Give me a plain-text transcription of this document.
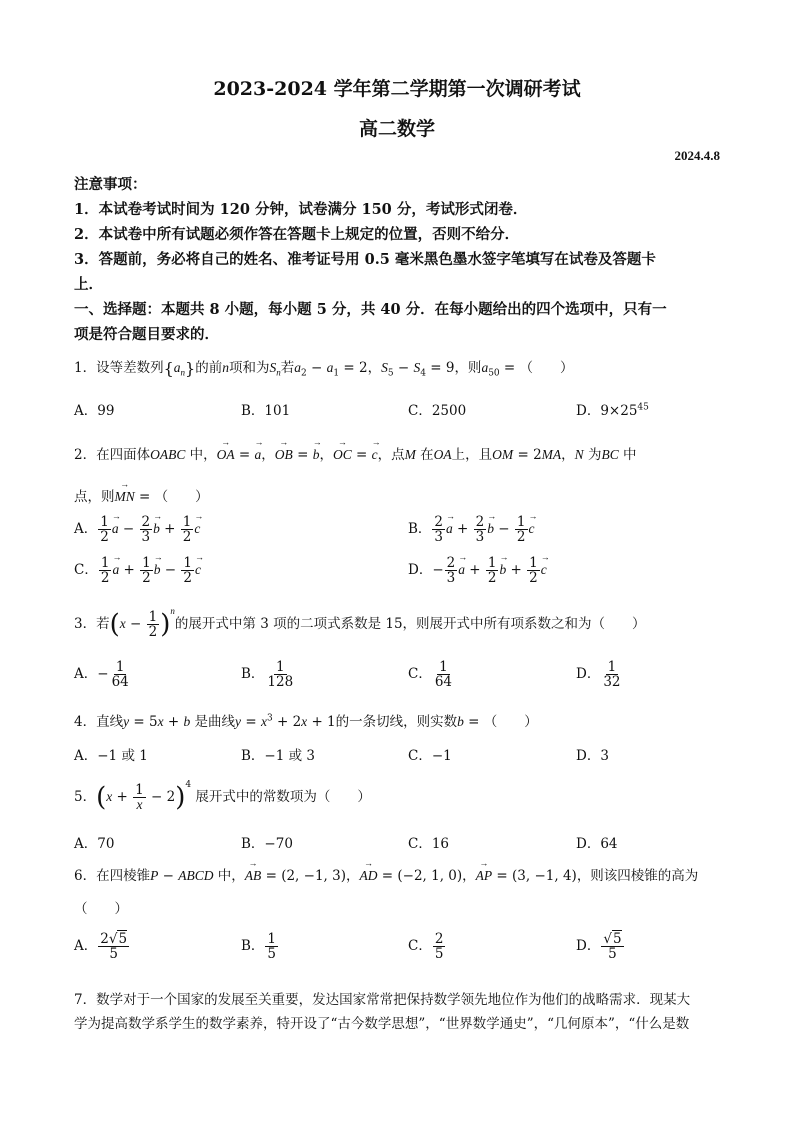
2023-2024 学年第二学期第一次调研考试
高二数学
2024.4.8
注意事项：
1．本试卷考试时间为 120 分钟，试卷满分 150 分，考试形式闭卷．
2．本试卷中所有试题必须作答在答题卡上规定的位置，否则不给分．
3．答题前，务必将自己的姓名、准考证号用 0.5 毫米黑色墨水签字笔填写在试卷及答题卡
上．
一、选择题：本题共 8 小题，每小题 5 分，共 40 分．在每小题给出的四个选项中，只有一
项是符合题目要求的．
1．设等差数列$\{a_n\}$的前n项和为$S_n$若$a_2 - a_1 = 2$，$S_5 - S_4 = 9$，则$a_{50}$ = （　　）
A．99	B．101	C．2500	D．$9\times 25^{45}$
2．在四面体OABC 中，→ OA = → a，→ OB = → b，→ OC = → c，点M 在OA上，且OM = 2MA，N 为BC 中
点，则→ MN = （　　）
A． $\frac{1}{2} \to a - \frac{2}{3} \to b + \frac{1}{2} \to c$	B． $\frac{2}{3} \to a + \frac{2}{3} \to b - \frac{1}{2} \to c$
C． $\frac{1}{2} \to a + \frac{1}{2} \to b - \frac{1}{2} \to c$	D．− $\frac{2}{3} \to a + \frac{1}{2} \to b + \frac{1}{2} \to c$
3．若$(x - \frac{1}{2} )^n$的展开式中第 3 项的二项式系数是 15，则展开式中所有项系数之和为（　　）
A．− $\frac{1}{64}$	B． $\frac{1}{128}$	C． $\frac{1}{64}$	D． $\frac{1}{32}$
4．直线y = 5x + b 是曲线$y = x^3 + 2x + 1$的一条切线，则实数b = （　　）
A．−1 或 1	B．−1 或 3	C．−1	D．3
5．$(x + \frac{1}{x} - 2)^4$ 展开式中的常数项为（　　）
A．70	B．−70	C．16	D．64
6．在四棱锥P − ABCD 中，→ AB = (2, −1, 3)，→ AD = (−2, 1, 0)，→ AP = (3, −1, 4)，则该四棱锥的高为
（　　）
A． $\frac{2√5}{5}$	B． $\frac{1}{5}$	C． $\frac{2}{5}$	D． $\frac{√5}{5}$
7．数学对于一个国家的发展至关重要，发达国家常常把保持数学领先地位作为他们的战略需求．现某大
学为提高数学系学生的数学素养，特开设了“古今数学思想”，“世界数学通史”，“几何原本”，“什么是数
